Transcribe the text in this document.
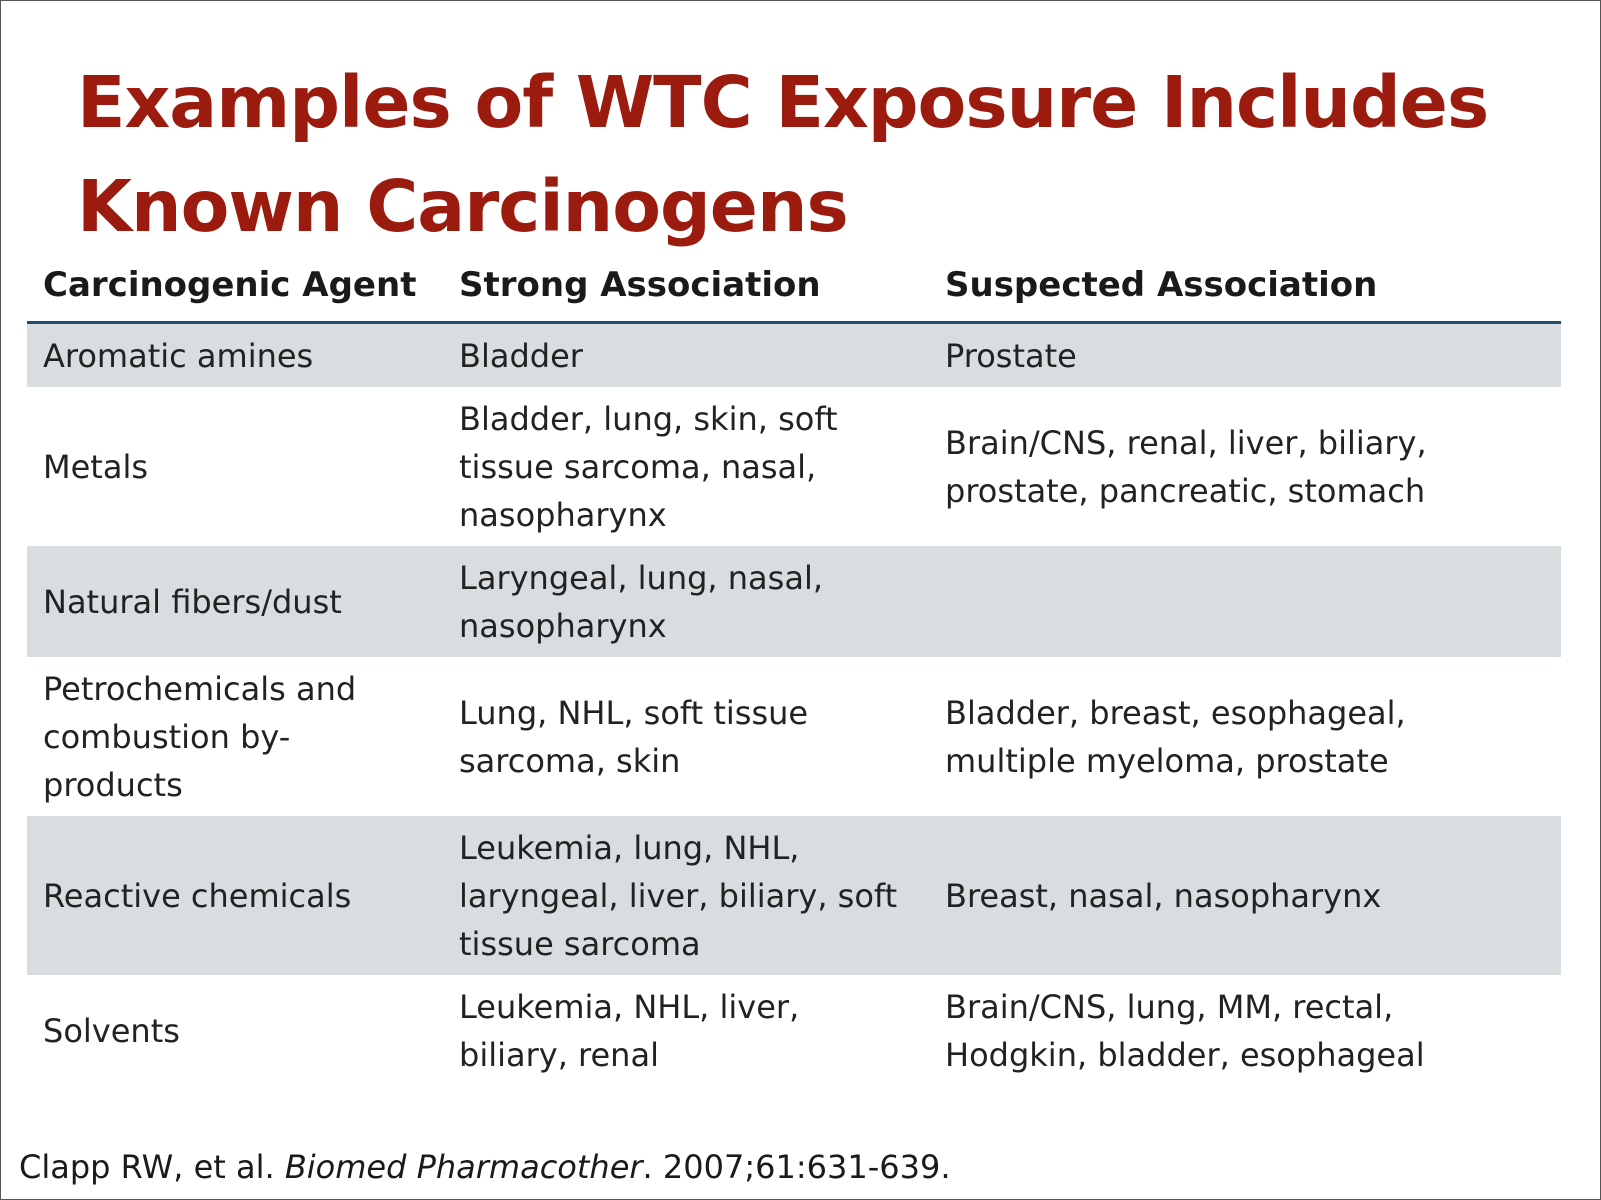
Examples of WTC Exposure Includes
Known Carcinogens
Carcinogenic Agent	Strong Association	Suspected Association
Aromatic amines	Bladder	Prostate
Metals	Bladder, lung, skin, soft tissue sarcoma, nasal, nasopharynx	Brain/CNS, renal, liver, biliary, prostate, pancreatic, stomach
Natural fibers/dust	Laryngeal, lung, nasal, nasopharynx	
Petrochemicals and combustion by-products	Lung, NHL, soft tissue sarcoma, skin	Bladder, breast, esophageal, multiple myeloma, prostate
Reactive chemicals	Leukemia, lung, NHL, laryngeal, liver, biliary, soft tissue sarcoma	Breast, nasal, nasopharynx
Solvents	Leukemia, NHL, liver, biliary, renal	Brain/CNS, lung, MM, rectal, Hodgkin, bladder, esophageal
Clapp RW, et al. Biomed Pharmacother. 2007;61:631-639.
